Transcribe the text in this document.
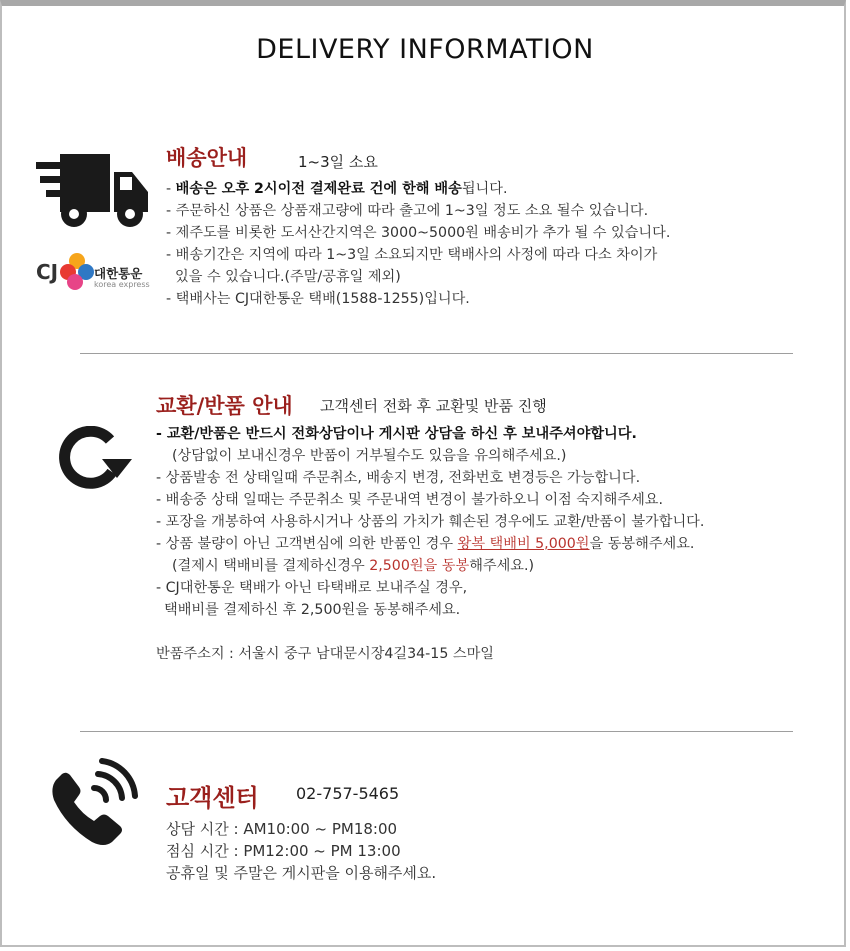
DELIVERY INFORMATION
CJ	대한통운
korea express
배송안내	1~3일 소요
- 배송은 오후 2시이전 결제완료 건에 한해 배송됩니다.
- 주문하신 상품은 상품재고량에 따라 출고에 1~3일 정도 소요 될수 있습니다.
- 제주도를 비롯한 도서산간지역은 3000~5000원 배송비가 추가 될 수 있습니다.
- 배송기간은 지역에 따라 1~3일 소요되지만 택배사의 사정에 따라 다소 차이가
있을 수 있습니다.(주말/공휴일 제외)
- 택배사는 CJ대한통운 택배(1588-1255)입니다.
교환/반품 안내 고객센터 전화 후 교환및 반품 진행
- 교환/반품은 반드시 전화상담이나 게시판 상담을 하신 후 보내주셔야합니다.
(상담없이 보내신경우 반품이 거부될수도 있음을 유의해주세요.)
- 상품발송 전 상태일때 주문취소, 배송지 변경, 전화번호 변경등은 가능합니다.
- 배송중 상태 일때는 주문취소 및 주문내역 변경이 불가하오니 이점 숙지해주세요.
- 포장을 개봉하여 사용하시거나 상품의 가치가 훼손된 경우에도 교환/반품이 불가합니다.
- 상품 불량이 아닌 고객변심에 의한 반품인 경우 왕복 택배비 5,000원을 동봉해주세요.
(결제시 택배비를 결제하신경우 2,500원을 동봉해주세요.)
- CJ대한통운 택배가 아닌 타택배로 보내주실 경우,
택배비를 결제하신 후 2,500원을 동봉해주세요.
반품주소지 : 서울시 중구 남대문시장4길34-15 스마일
고객센터 02-757-5465
상담 시간 : AM10:00 ~ PM18:00
점심 시간 : PM12:00 ~ PM 13:00
공휴일 및 주말은 게시판을 이용해주세요.
